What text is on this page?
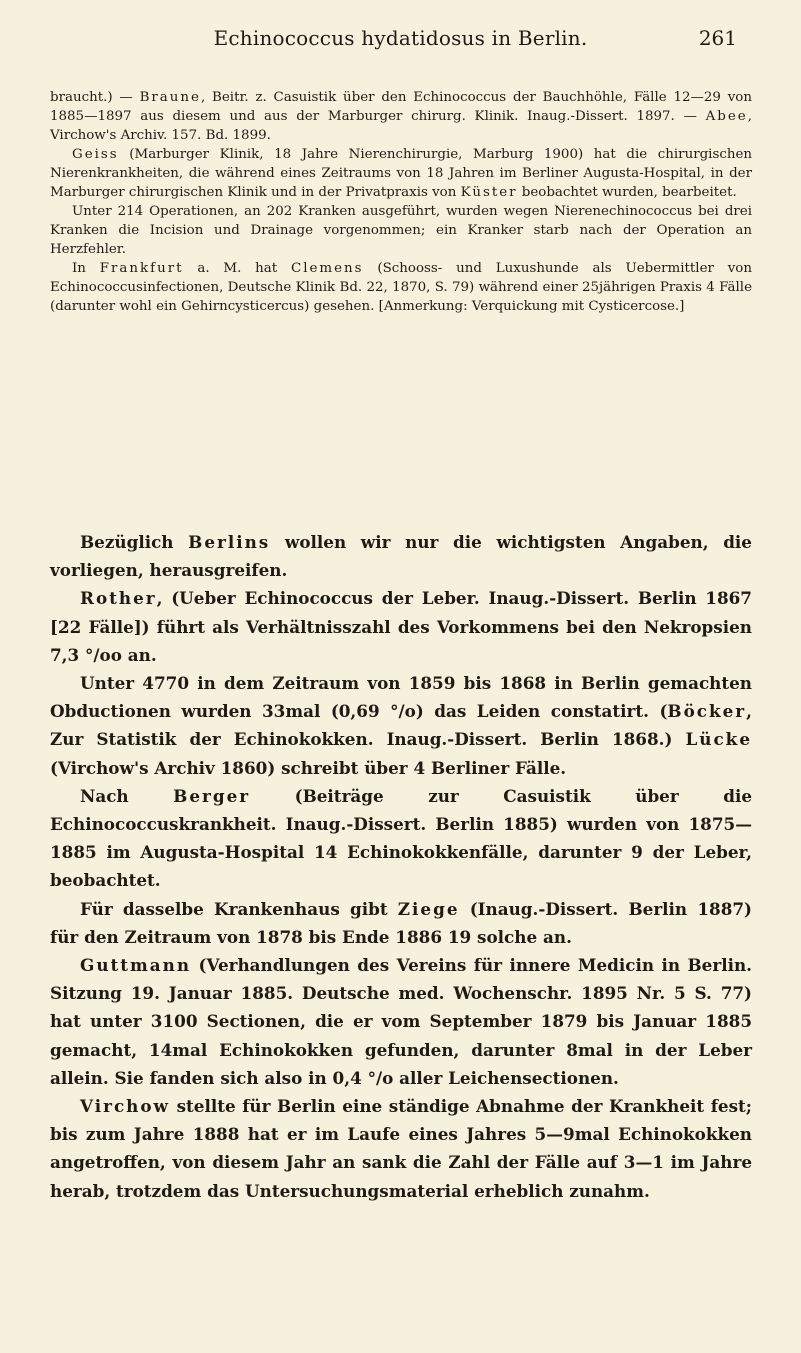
Echinococcus hydatidosus in Berlin.	261

braucht.) — Braune, Beitr. z. Casuistik über den Echinococcus der Bauchhöhle, Fälle 12—29 von 1885—1897 aus diesem und aus der Marburger chirurg. Klinik. Inaug.-Dissert. 1897. — Abee, Virchow's Archiv. 157. Bd. 1899.

Geiss (Marburger Klinik, 18 Jahre Nierenchirurgie, Marburg 1900) hat die chirurgischen Nierenkrankheiten, die während eines Zeitraums von 18 Jahren im Berliner Augusta-Hospital, in der Marburger chirurgischen Klinik und in der Privatpraxis von Küster beobachtet wurden, bearbeitet.

Unter 214 Operationen, an 202 Kranken ausgeführt, wurden wegen Nierenechinococcus bei drei Kranken die Incision und Drainage vorgenommen; ein Kranker starb nach der Operation an Herzfehler.

In Frankfurt a. M. hat Clemens (Schooss- und Luxushunde als Uebermittler von Echinococcusinfectionen, Deutsche Klinik Bd. 22, 1870, S. 79) während einer 25jährigen Praxis 4 Fälle (darunter wohl ein Gehirncysticercus) gesehen. [Anmerkung: Verquickung mit Cysticercose.]

Bezüglich Berlins wollen wir nur die wichtigsten Angaben, die vorliegen, herausgreifen.

Rother, (Ueber Echinococcus der Leber. Inaug.-Dissert. Berlin 1867 [22 Fälle]) führt als Verhältnisszahl des Vorkommens bei den Nekropsien 7,3 °/oo an.

Unter 4770 in dem Zeitraum von 1859 bis 1868 in Berlin gemachten Obductionen wurden 33mal (0,69 °/o) das Leiden constatirt. (Böcker, Zur Statistik der Echinokokken. Inaug.-Dissert. Berlin 1868.) Lücke (Virchow's Archiv 1860) schreibt über 4 Berliner Fälle.

Nach Berger (Beiträge zur Casuistik über die Echinococcuskrankheit. Inaug.-Dissert. Berlin 1885) wurden von 1875—1885 im Augusta-Hospital 14 Echinokokkenfälle, darunter 9 der Leber, beobachtet.

Für dasselbe Krankenhaus gibt Ziege (Inaug.-Dissert. Berlin 1887) für den Zeitraum von 1878 bis Ende 1886 19 solche an.

Guttmann (Verhandlungen des Vereins für innere Medicin in Berlin. Sitzung 19. Januar 1885. Deutsche med. Wochenschr. 1895 Nr. 5 S. 77) hat unter 3100 Sectionen, die er vom September 1879 bis Januar 1885 gemacht, 14mal Echinokokken gefunden, darunter 8mal in der Leber allein. Sie fanden sich also in 0,4 °/o aller Leichensectionen.

Virchow stellte für Berlin eine ständige Abnahme der Krankheit fest; bis zum Jahre 1888 hat er im Laufe eines Jahres 5—9mal Echinokokken angetroffen, von diesem Jahr an sank die Zahl der Fälle auf 3—1 im Jahre herab, trotzdem das Untersuchungsmaterial erheblich zunahm.
